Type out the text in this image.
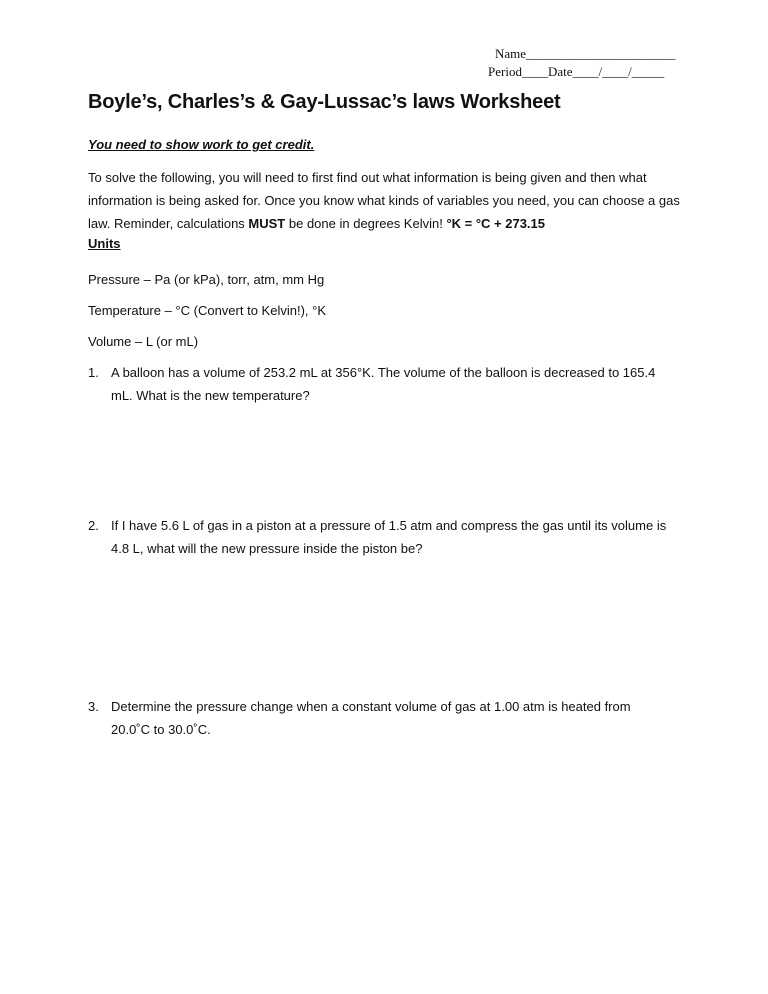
Name_______________________
Period____Date____/____/_____
Boyle’s, Charles’s & Gay-Lussac’s laws Worksheet
You need to show work to get credit.
To solve the following, you will need to first find out what information is being given and then what
information is being asked for. Once you know what kinds of variables you need, you can choose a gas
law. Reminder, calculations MUST be done in degrees Kelvin! °K = °C + 273.15
Units
Pressure – Pa (or kPa), torr, atm, mm Hg
Temperature – °C (Convert to Kelvin!), °K
Volume – L (or mL)
1. A balloon has a volume of 253.2 mL at 356°K. The volume of the balloon is decreased to 165.4
mL. What is the new temperature?
2. If I have 5.6 L of gas in a piston at a pressure of 1.5 atm and compress the gas until its volume is
4.8 L, what will the new pressure inside the piston be?
3. Determine the pressure change when a constant volume of gas at 1.00 atm is heated from
20.0˚C to 30.0˚C.
